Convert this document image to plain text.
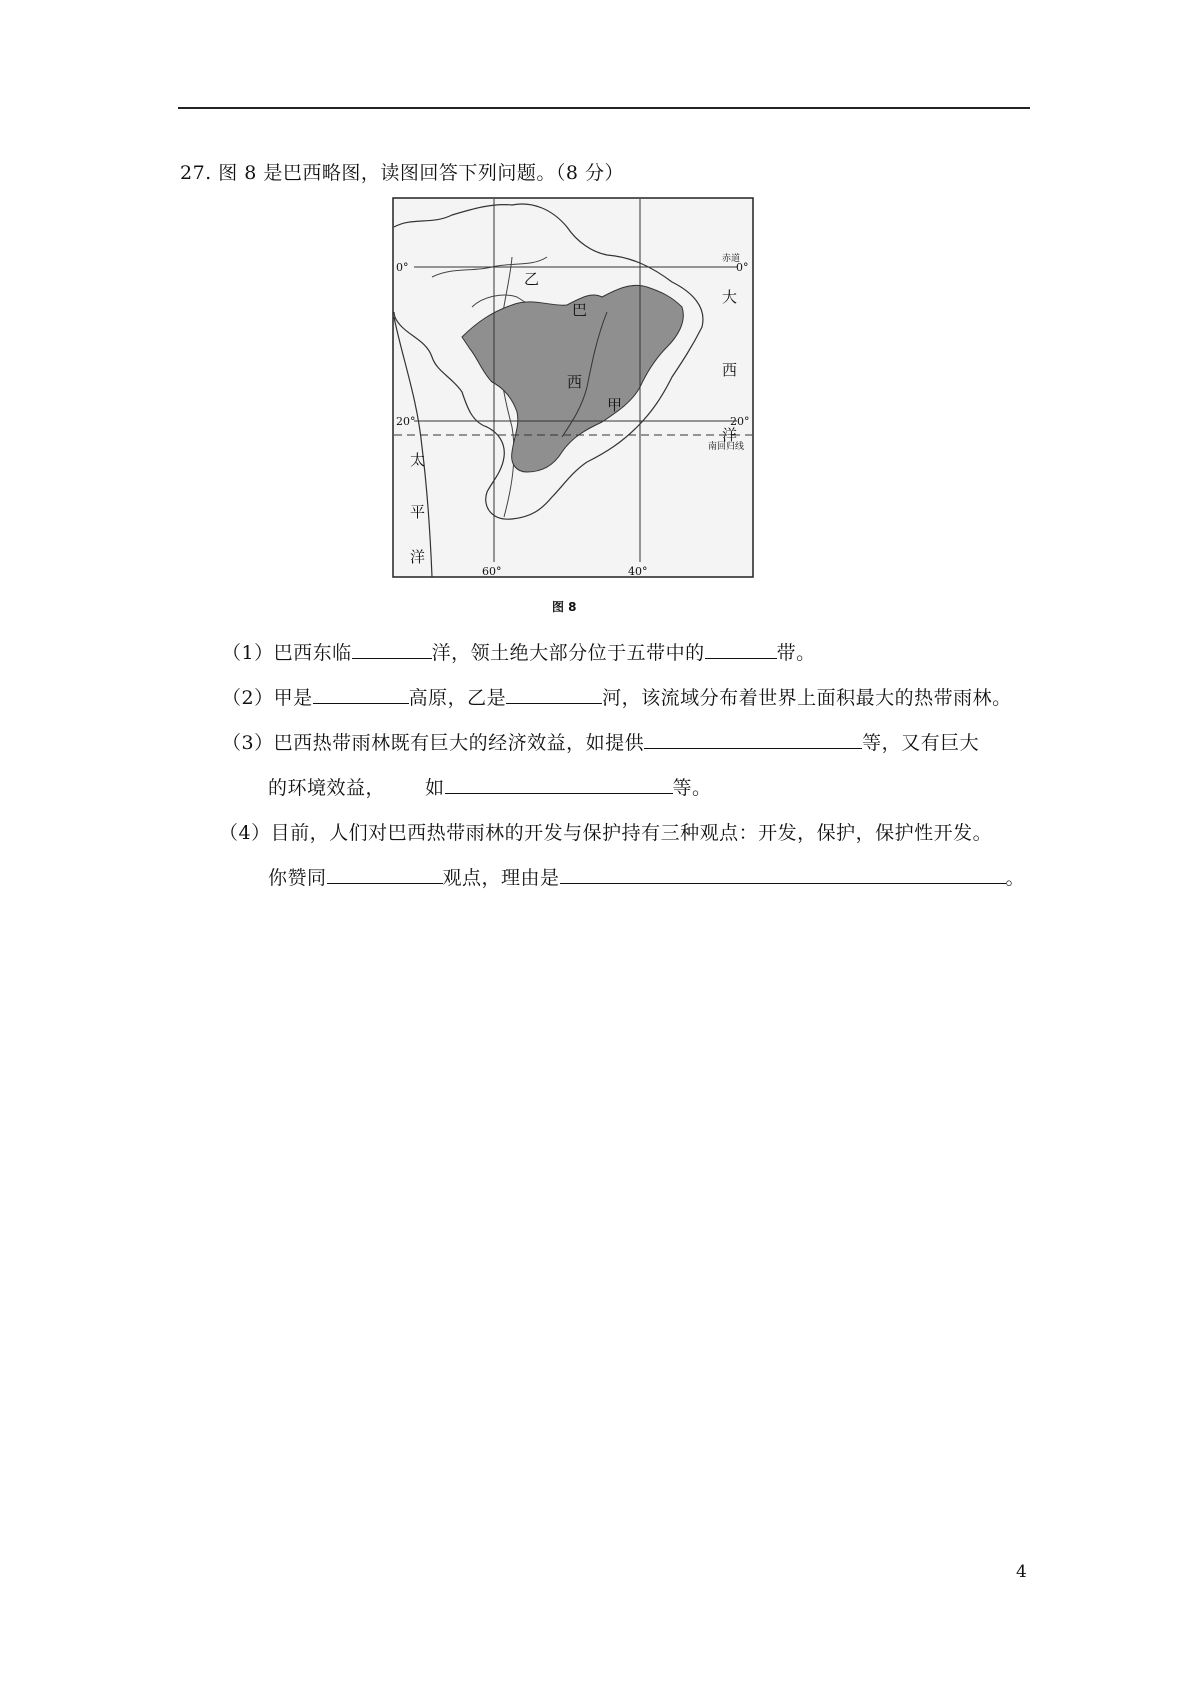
27. 图 8 是巴西略图，读图回答下列问题。（8 分）
0°
赤道
0°
20°	20°
南回归线
60°	40°
乙
巴
西
甲
大
西
洋
太
平
洋
图 8
（1）巴西东临	洋，领土绝大部分位于五带中的	带。
（2）甲是	高原，乙是	河，该流域分布着世界上面积最大的热带雨林。
（3）巴西热带雨林既有巨大的经济效益，如提供	等，又有巨大
的环境效益， 如	等。
（4）目前，人们对巴西热带雨林的开发与保护持有三种观点：开发，保护，保护性开发。
你赞同	观点，理由是	。
4
